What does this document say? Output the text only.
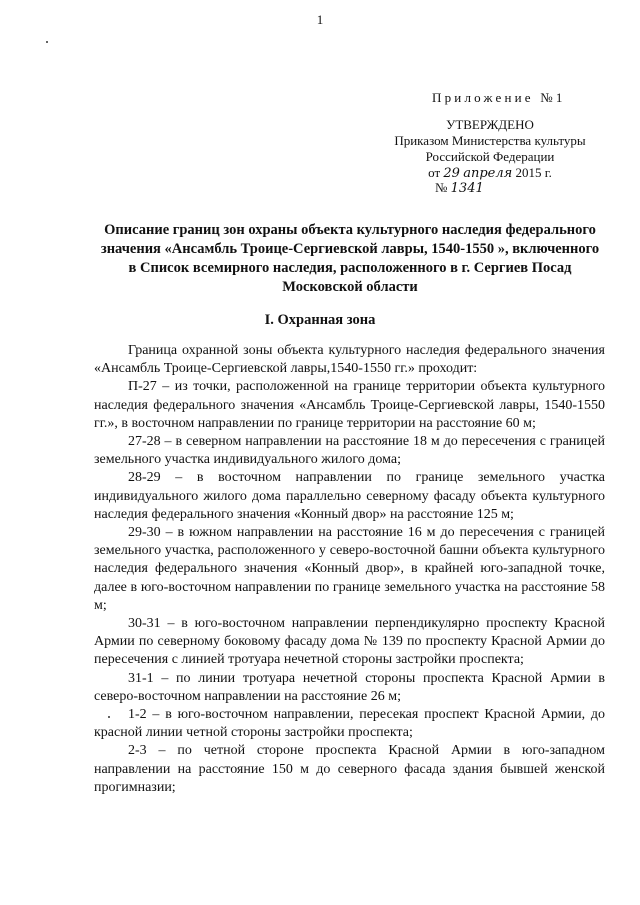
1
Приложение №1
УТВЕРЖДЕНО
Приказом Министерства культуры
Российской Федерации
от 29 апреля 2015 г.
№ 1341
Описание границ зон охраны объекта культурного наследия федерального значения «Ансамбль Троице-Сергиевской лавры, 1540-1550 », включенного в Список всемирного наследия, расположенного в г. Сергиев Посад Московской области
I. Охранная зона

Граница охранной зоны объекта культурного наследия федерального значения «Ансамбль Троице-Сергиевской лавры,1540-1550 гг.» проходит:

П-27 – из точки, расположенной на границе территории объекта культурного наследия федерального значения «Ансамбль Троице-Сергиевской лавры, 1540-1550 гг.», в восточном направлении по границе территории на расстояние 60 м;

27-28 – в северном направлении на расстояние 18 м до пересечения с границей земельного участка индивидуального жилого дома;

28-29 – в восточном направлении по границе земельного участка индивидуального жилого дома параллельно северному фасаду объекта культурного наследия федерального значения «Конный двор» на расстояние 125 м;

29-30 – в южном направлении на расстояние 16 м до пересечения с границей земельного участка, расположенного у северо-восточной башни объекта культурного наследия федерального значения «Конный двор», в крайней юго-западной точке, далее в юго-восточном направлении по границе земельного участка на расстояние 58 м;

30-31 – в юго-восточном направлении перпендикулярно проспекту Красной Армии по северному боковому фасаду дома № 139 по проспекту Красной Армии до пересечения с линией тротуара нечетной стороны застройки проспекта;

31-1 – по линии тротуара нечетной стороны проспекта Красной Армии в северо-восточном направлении на расстояние 26 м;

1-2 – в юго-восточном направлении, пересекая проспект Красной Армии, до красной линии четной стороны застройки проспекта;

2-3 – по четной стороне проспекта Красной Армии в юго-западном направлении на расстояние 150 м до северного фасада здания бывшей женской прогимназии;
